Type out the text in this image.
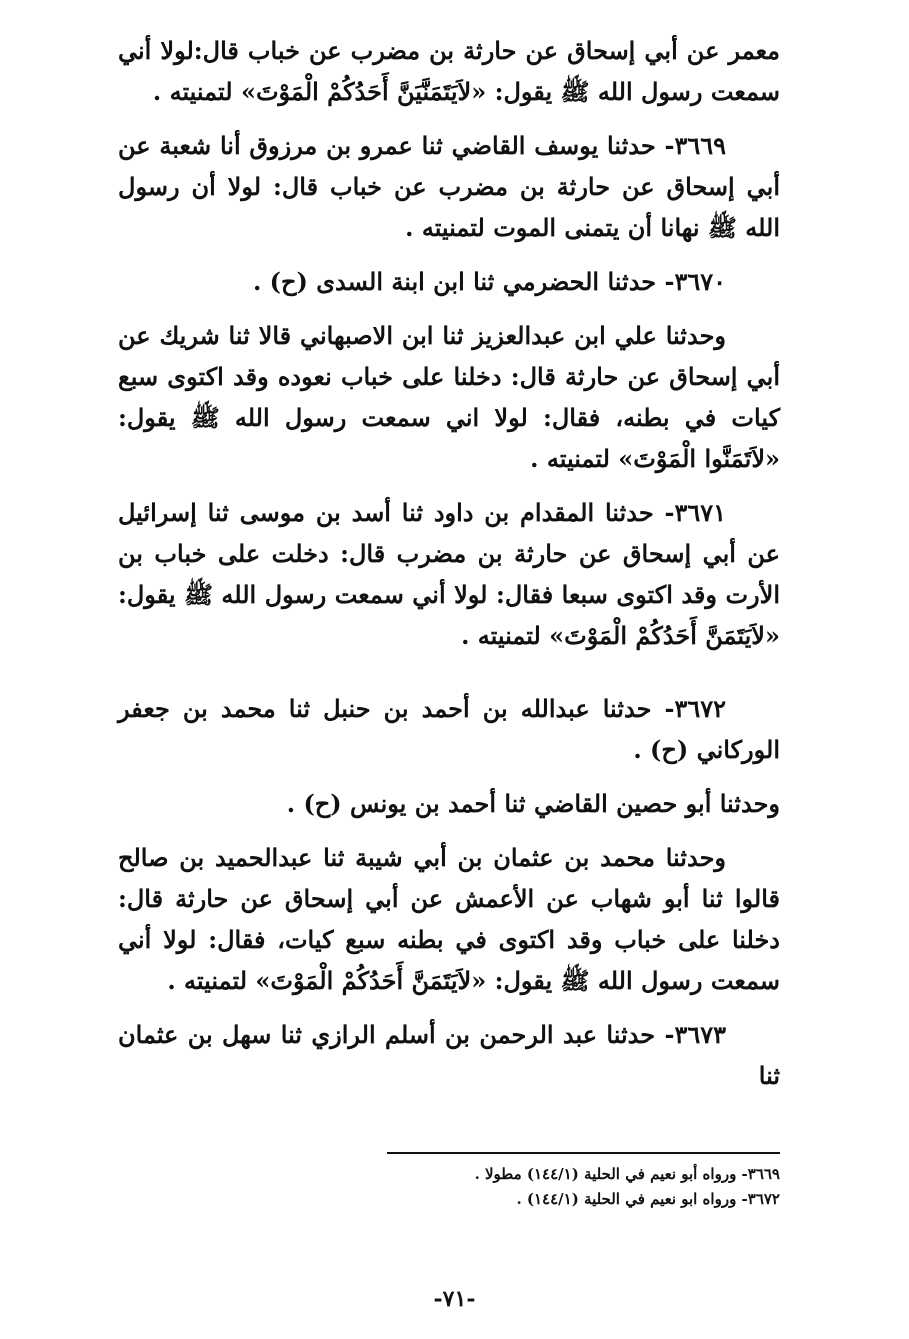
معمر عن أبي إسحاق عن حارثة بن مضرب عن خباب قال:لولا أني سمعت رسول الله ﷺ يقول: «لاَيَتَمَنَّيَنَّ أَحَدُكُمْ الْمَوْتَ» لتمنيته .

٣٦٦٩- حدثنا يوسف القاضي ثنا عمرو بن مرزوق أنا شعبة عن أبي إسحاق عن حارثة بن مضرب عن خباب قال: لولا أن رسول الله ﷺ نهانا أن يتمنى الموت لتمنيته .

٣٦٧٠- حدثنا الحضرمي ثنا ابن ابنة السدى (ح) .

وحدثنا علي ابن عبدالعزيز ثنا ابن الاصبهاني قالا ثنا شريك عن أبي إسحاق عن حارثة قال: دخلنا على خباب نعوده وقد اكتوى سبع كيات في بطنه، فقال: لولا اني سمعت رسول الله ﷺ يقول: «لاَتَمَنَّوا الْمَوْتَ» لتمنيته .

٣٦٧١- حدثنا المقدام بن داود ثنا أسد بن موسى ثنا إسرائيل عن أبي إسحاق عن حارثة بن مضرب قال: دخلت على خباب بن الأرت وقد اكتوى سبعا فقال: لولا أني سمعت رسول الله ﷺ يقول: «لاَيَتَمَنَّ أَحَدُكُمْ الْمَوْتَ» لتمنيته .

٣٦٧٢- حدثنا عبدالله بن أحمد بن حنبل ثنا محمد بن جعفر الوركاني (ح) .

وحدثنا أبو حصين القاضي ثنا أحمد بن يونس (ح) .

وحدثنا محمد بن عثمان بن أبي شيبة ثنا عبدالحميد بن صالح قالوا ثنا أبو شهاب عن الأعمش عن أبي إسحاق عن حارثة قال: دخلنا على خباب وقد اكتوى في بطنه سبع كيات، فقال: لولا أني سمعت رسول الله ﷺ يقول: «لاَيَتَمَنَّ أَحَدُكُمْ الْمَوْتَ» لتمنيته .

٣٦٧٣- حدثنا عبد الرحمن بن أسلم الرازي ثنا سهل بن عثمان ثنا

٣٦٦٩- ورواه أبو نعيم في الحلية (١٤٤/١) مطولا .
٣٦٧٢- ورواه ابو نعيم في الحلية (١٤٤/١) .
-٧١-
